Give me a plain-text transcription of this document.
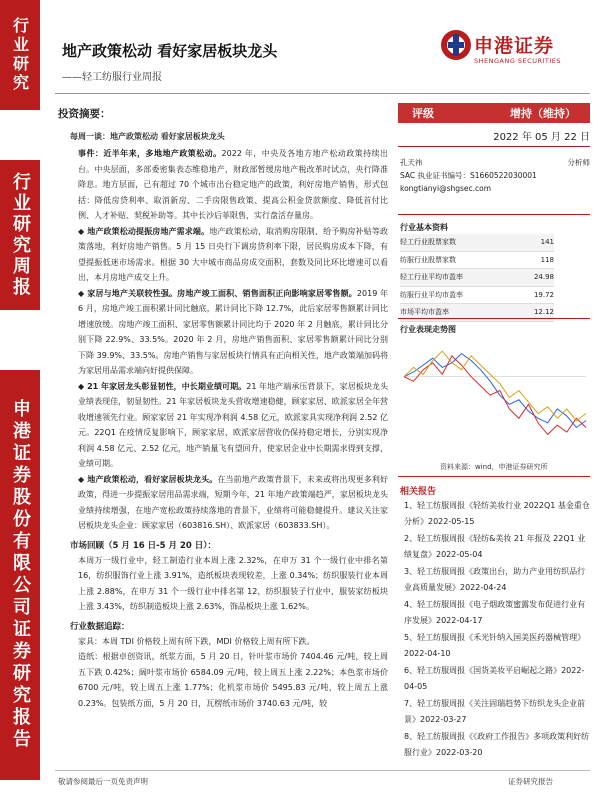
行业研究
行业研究周报
申港证券股份有限公司证券研究报告
地产政策松动 看好家居板块龙头
——轻工纺服行业周报
申港证券
SHENGANG SECURITIES
投资摘要：
每周一谈：地产政策松动 看好家居板块龙头
事件：近半年来，多地地产政策松动。2022 年，中央及各地方地产松动政策持续出台。中央层面，多部委密集表态维稳地产，财政部暂缓房地产税改革时试点，央行降准降息。地方层面，已有超过 70 个城市出台稳定地产的政策，利好房地产销售，形式包括：降低房贷利率、取消新房、二手房限售政策、提高公积金贷款额度、降低首付比例、人才补贴、契税补助等。其中长沙后菲限售，实行盘活存量房。
◆ 地产政策松动提振房地产需求端。地产政策松动，取消购房限制、给予购房补贴等政策落地，利好房地产销售。5 月 15 日央行下调房贷利率下限，居民购房成本下降，有望提振低迷市场需求。根据 30 大中城市商品房成交面积，套数及同比环比增速可以看出，本月房地产成交上升。
◆ 家居与地产关联较性强。房地产竣工面积、销售面积正向影响家居零售额。2019 年 6 月，房地产竣工面积累计同比触底，累计同比下降 12.7%，此后家居零售额累计同比增速放缓。房地产竣工面积、家居零售额累计同比均于 2020 年 2 月触底，累计同比分别下降 22.9%、33.5%。2020 年 2 月，房地产销售面积、家居零售额累计同比分别下降 39.9%、33.5%。房地产销售与家居板块行情具有正向相关性，地产政策端加码将为家居用品需求端向好提供保障。
◆ 21 年家居龙头彰显韧性，中长期业绩可期。21 年地产端承压背景下，家居板块龙头业绩表现佳，韧显韧性。21 年家居板块龙头营收增速稳健，顾家家居、欧派家居全年营收增速领先行业。顾家家居 21 年实现净利润 4.58 亿元，欧派家具实现净利润 2.52 亿元。22Q1 在疫情反复影响下，顾家家居、欧派家居营收仍保持稳定增长，分别实现净利润 4.58 亿元、2.52 亿元，地产销量飞有望回升，使家居企业中长期需求得到支撑，业绩可期。
◆ 地产政策松动，看好家居板块龙头。在当前地产政策背景下，未来或将出现更多利好政策，得进一步提振家居用品需求端，短期今年，21 年地产政策端趋严，家居板块龙头业绩持续增强，在地产宽松政策持续落地的背景下，业绩将可能稳健提升。建议关注家居板块龙头企业：顾家家居（603816.SH）、欧派家居（603833.SH）。
市场回顾（5 月 16 日-5 月 20 日）：
本周万一级行业中，轻工制造行业本周上涨 2.32%，在申万 31 个一级行业中排名第 16，纺织服饰行业上涨 3.91%，造纸板块表现较差，上涨 0.34%；纺织服装行业本周上涨 2.88%，在申万 31 个一级行业中排名第 12，纺织服装子行业中，服装家纺板块上涨 3.43%，纺织制造板块上涨 2.63%，饰品板块上涨 1.62%。
行业数据追踪：
家具：本周 TDI 价格较上周有所下跌，MDI 价格较上周有所下跌。
造纸：根据卓创资讯，纸浆方面，5 月 20 日，针叶浆市场价 7404.46 元/吨，较上周五下跌 0.42%；阔叶浆市场价 6584.09 元/吨，较上周五上涨 2.22%；本色浆市场价 6700 元/吨，较上周五上涨 1.77%；化机浆市场价 5495.83 元/吨，较上周五上涨 0.23%。包装纸方面，5 月 20 日，瓦楞纸市场价 3740.63 元/吨，较
评级	增持（维持）
2022 年 05 月 22 日
孔天祎	分析师
SAC 执业证书编号：S1660522030001
kongtianyi@shgsec.com
行业基本资料
轻工行业股票家数	141
纺服行业股票家数	118
轻工行业平均市盈率	24.98
纺服行业平均市盈率	19.72
市场平均市盈率	12.12
行业表现走势图
资料来源：wind，申港证券研究所
相关报告
1、轻工纺服周报《轻纺美妆行业 2022Q1 基金重仓分析》2022-05-15
2、轻工纺服周报《轻纺&美妆 21 年报及 22Q1 业绩复盘》2022-05-04
3、轻工纺服周报《政策出台，助力产业用纺织品行业高质量发展》2022-04-24
4、轻工纺服周报《电子烟政策蜜露发布促进行业有序发展》2022-04-17
5、轻工纺服周报《禾光针纳入国美医药器械管理》2022-04-10
6、轻工纺服周报《国货美妆平启崛起之路》2022-04-05
7、轻工纺服周报《关注固瑞趋势下纺织龙头企业前景》2022-03-27
8、轻工纺服周报《《政府工作报告》多项政策利好纺服行业》2022-03-20
敬请参阅最后一页免责声明	证券研究报告
